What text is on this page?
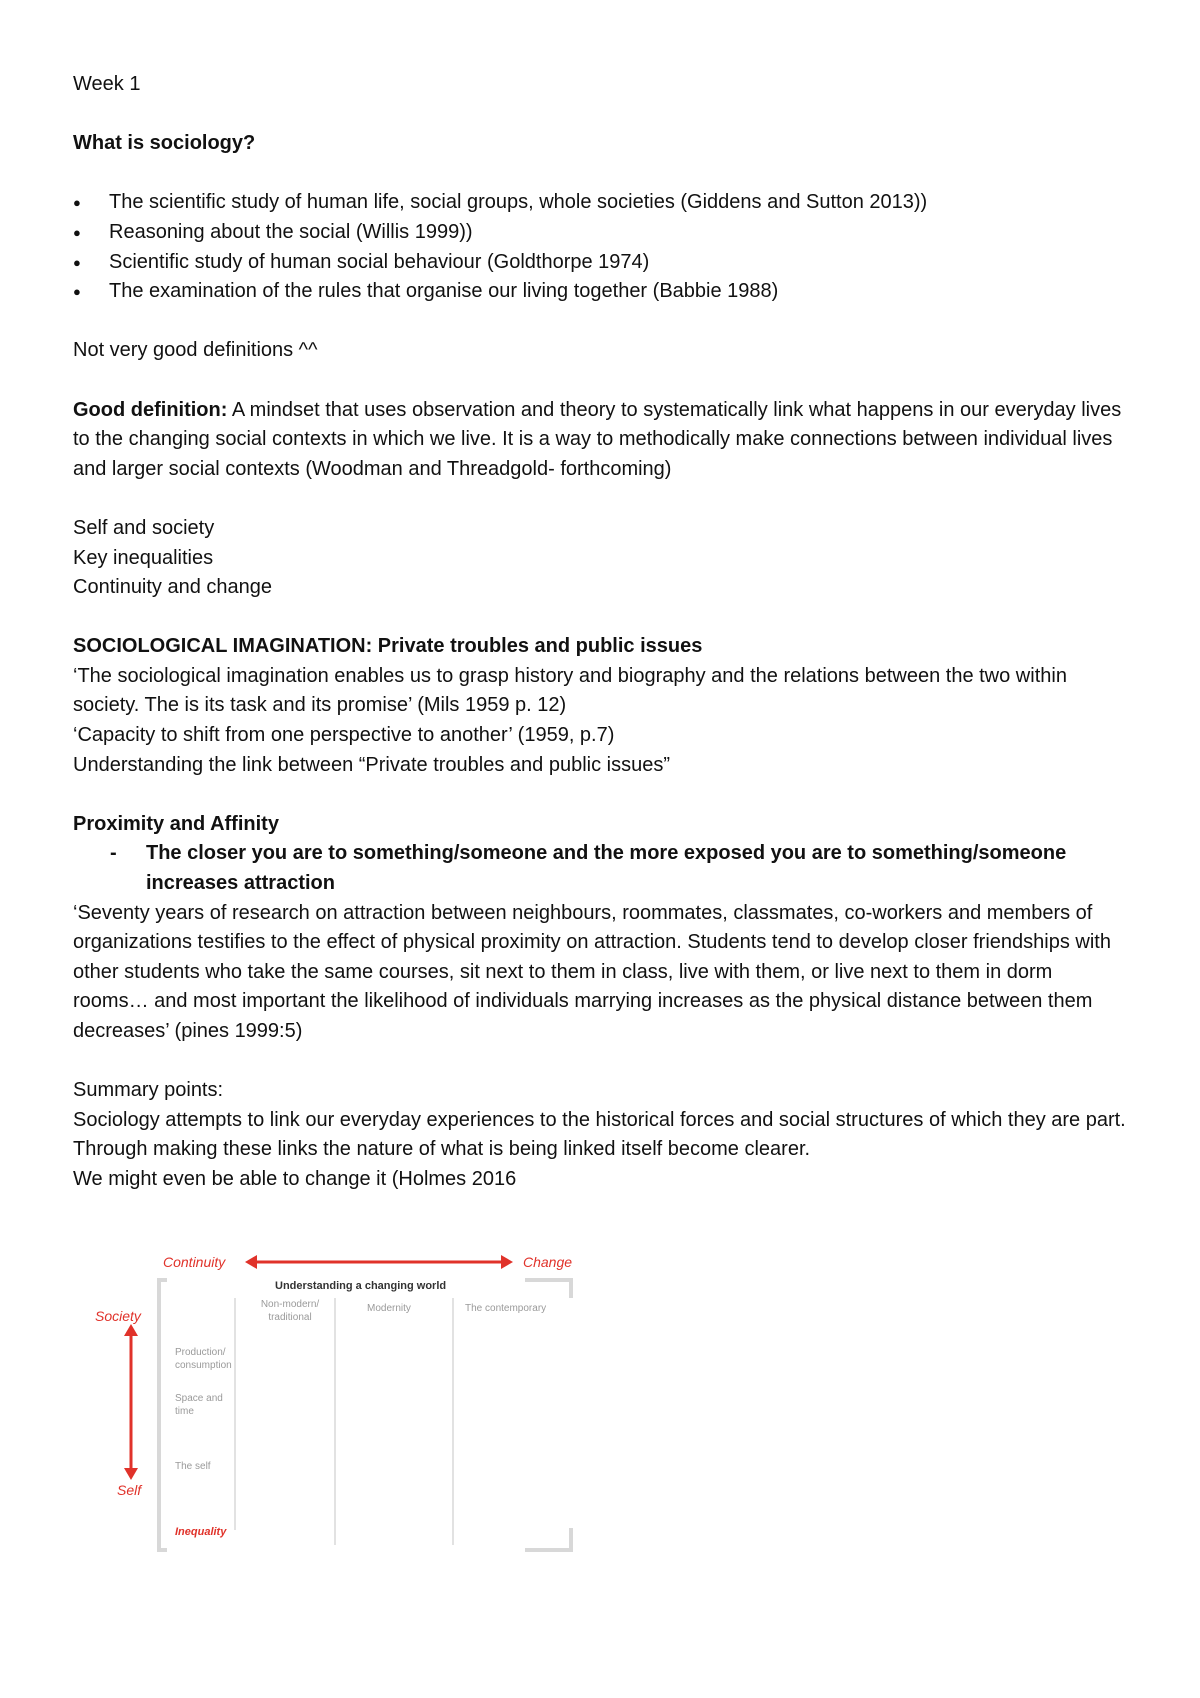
Week 1

What is sociology?

● The scientific study of human life, social groups, whole societies (Giddens and Sutton 2013))
● Reasoning about the social (Willis 1999))
● Scientific study of human social behaviour (Goldthorpe 1974)
● The examination of the rules that organise our living together (Babbie 1988)

Not very good definitions ^^

Good definition: A mindset that uses observation and theory to systematically link what happens in our everyday lives to the changing social contexts in which we live. It is a way to methodically make connections between individual lives and larger social contexts (Woodman and Threadgold- forthcoming)

Self and society

Key inequalities

Continuity and change

SOCIOLOGICAL IMAGINATION: Private troubles and public issues

‘The sociological imagination enables us to grasp history and biography and the relations between the two within society. The is its task and its promise’ (Mils 1959 p. 12)

‘Capacity to shift from one perspective to another’ (1959, p.7)

Understanding the link between “Private troubles and public issues”

Proximity and Affinity

- The closer you are to something/someone and the more exposed you are to something/someone increases attraction

‘Seventy years of research on attraction between neighbours, roommates, classmates, co-workers and members of organizations testifies to the effect of physical proximity on attraction. Students tend to develop closer friendships with other students who take the same courses, sit next to them in class, live with them, or live next to them in dorm rooms… and most important the likelihood of individuals marrying increases as the physical distance between them decreases’ (pines 1999:5)

Summary points:

Sociology attempts to link our everyday experiences to the historical forces and social structures of which they are part.

Through making these links the nature of what is being linked itself become clearer.

We might even be able to change it (Holmes 2016

Continuity	Change
Understanding a changing world
Non-modern/ traditional
Modernity	The contemporary
Society
Self
Production/ consumption
Space and time
The self
Inequality
